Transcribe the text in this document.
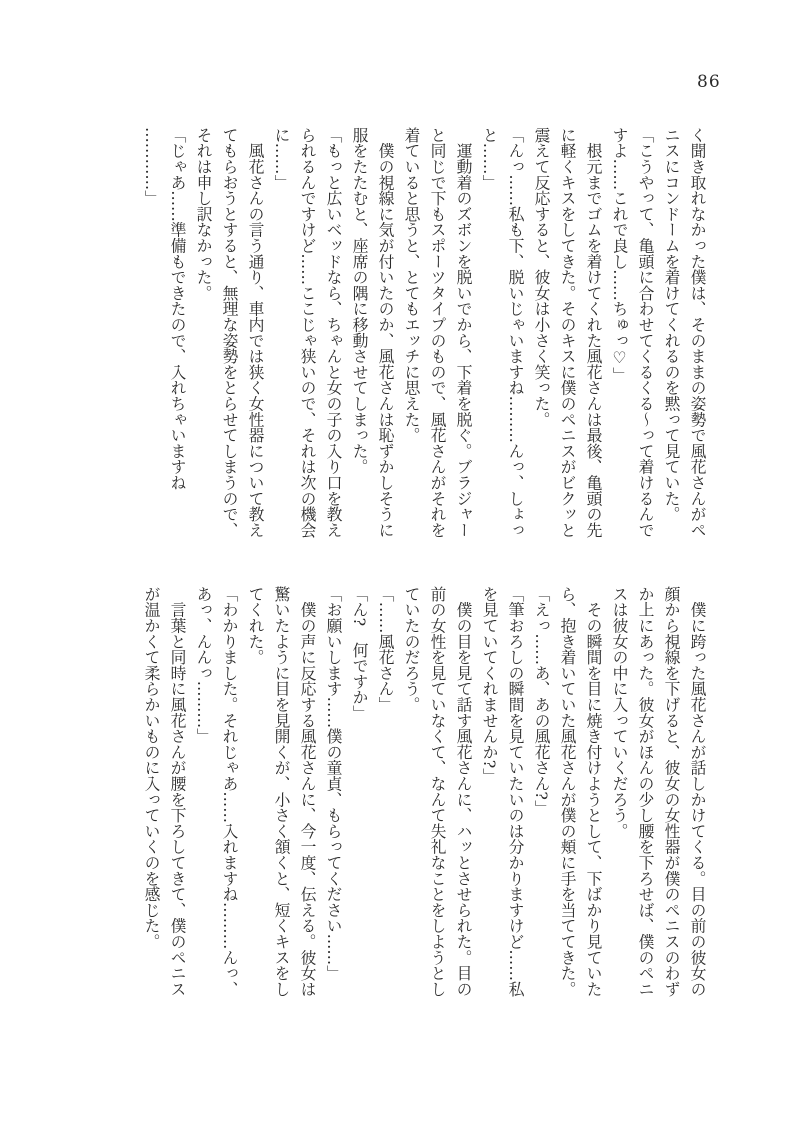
86

く聞き取れなかった僕は、そのままの姿勢で風花さんがペ

ニスにコンドームを着けてくれるのを黙って見ていた。

「こうやって、亀頭に合わせてくるくる〜って着けるんで

すよ……これで良し……ちゅっ♡」

　根元までゴムを着けてくれた風花さんは最後、亀頭の先

に軽くキスをしてきた。そのキスに僕のペニスがビクッと

震えて反応すると、彼女は小さく笑った。

「んっ……私も下、脱いじゃいますね………んっ、しょっ

と……」

　運動着のズボンを脱いでから、下着を脱ぐ。ブラジャー

と同じで下もスポーツタイプのもので、風花さんがそれを

着ていると思うと、とてもエッチに思えた。

　僕の視線に気が付いたのか、風花さんは恥ずかしそうに

服をたたむと、座席の隅に移動させてしまった。

「もっと広いベッドなら、ちゃんと女の子の入り口を教え

られるんですけど……ここじゃ狭いので、それは次の機会

に……」

　風花さんの言う通り、車内では狭く女性器について教え

てもらおうとすると、無理な姿勢をとらせてしまうので、

それは申し訳なかった。

「じゃあ……準備もできたので、入れちゃいますね

…………」

　僕に跨った風花さんが話しかけてくる。目の前の彼女の

顔から視線を下げると、彼女の女性器が僕のペニスのわず

か上にあった。彼女がほんの少し腰を下ろせば、僕のペニ

スは彼女の中に入っていくだろう。

　その瞬間を目に焼き付けようとして、下ばかり見ていた

ら、抱き着いていた風花さんが僕の頬に手を当ててきた。

「えっ……あ、あの風花さん?」

「筆おろしの瞬間を見ていたいのは分かりますけど……私

を見ていてくれませんか?」

　僕の目を見て話す風花さんに、ハッとさせられた。目の

前の女性を見ていなくて、なんて失礼なことをしようとし

ていたのだろう。

「……風花さん」

「ん?　何ですか」

「お願いします……僕の童貞、もらってください……」

　僕の声に反応する風花さんに、今一度、伝える。彼女は

驚いたように目を見開くが、小さく頷くと、短くキスをし

てくれた。

「わかりました。それじゃあ……入れますね………んっ、

あっ、んんっ………」

　言葉と同時に風花さんが腰を下ろしてきて、僕のペニス

が温かくて柔らかいものに入っていくのを感じた。
